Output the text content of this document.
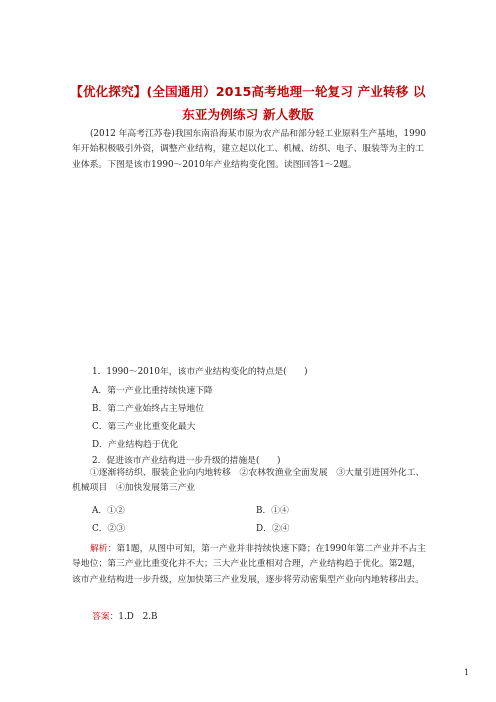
【优化探究】(全国通用）2015高考地理一轮复习 产业转移 以
东亚为例练习 新人教版
(2012 年高考江苏卷)我国东南沿海某市原为农产品和部分轻工业原料生产基地，1990年开始积极吸引外资，调整产业结构，建立起以化工、机械、纺织、电子、服装等为主的工业体系。下图是该市1990～2010年产业结构变化图。读图回答1～2题。
1．1990～2010年，该市产业结构变化的特点是(　　)
A．第一产业比重持续快速下降
B．第二产业始终占主导地位
C．第三产业比重变化最大
D．产业结构趋于优化
2．促进该市产业结构进一步升级的措施是(　　)
①逐渐将纺织、服装企业向内地转移　②农林牧渔业全面发展　③大量引进国外化工、机械项目　④加快发展第三产业
A．①②	B．①④
C．②③	D．②④
解析：第1题，从图中可知，第一产业并非持续快速下降；在1990年第二产业并不占主导地位；第三产业比重变化并不大；三大产业比重相对合理，产业结构趋于优化。第2题，该市产业结构进一步升级，应加快第三产业发展，逐步将劳动密集型产业向内地转移出去。
答案：1.D　2.B
1
